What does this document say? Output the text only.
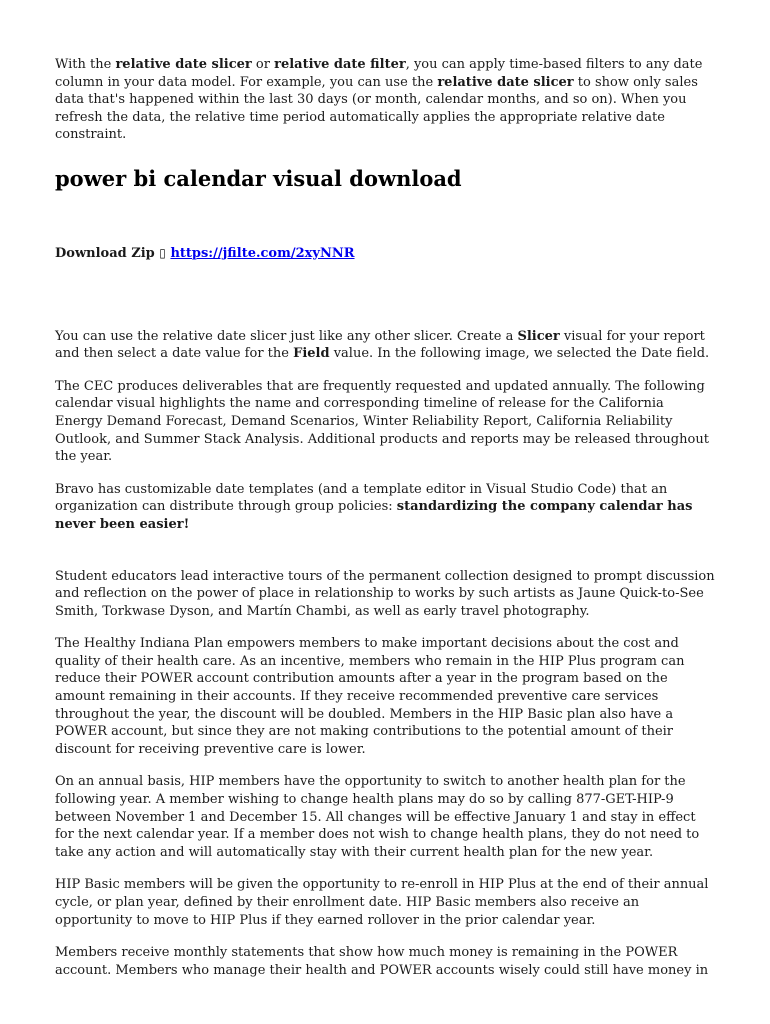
With the relative date slicer or relative date filter, you can apply time-based filters to any date column in your data model. For example, you can use the relative date slicer to show only sales data that's happened within the last 30 days (or month, calendar months, and so on). When you refresh the data, the relative time period automatically applies the appropriate relative date constraint.

power bi calendar visual download
Download Zip ▯ https://jfilte.com/2xyNNR

You can use the relative date slicer just like any other slicer. Create a Slicer visual for your report and then select a date value for the Field value. In the following image, we selected the Date field.

The CEC produces deliverables that are frequently requested and updated annually. The following calendar visual highlights the name and corresponding timeline of release for the California Energy Demand Forecast, Demand Scenarios, Winter Reliability Report, California Reliability Outlook, and Summer Stack Analysis. Additional products and reports may be released throughout the year.

Bravo has customizable date templates (and a template editor in Visual Studio Code) that an organization can distribute through group policies: standardizing the company calendar has never been easier!

Student educators lead interactive tours of the permanent collection designed to prompt discussion and reflection on the power of place in relationship to works by such artists as Jaune Quick-to-See Smith, Torkwase Dyson, and Martín Chambi, as well as early travel photography.

The Healthy Indiana Plan empowers members to make important decisions about the cost and quality of their health care. As an incentive, members who remain in the HIP Plus program can reduce their POWER account contribution amounts after a year in the program based on the amount remaining in their accounts. If they receive recommended preventive care services throughout the year, the discount will be doubled. Members in the HIP Basic plan also have a POWER account, but since they are not making contributions to the potential amount of their discount for receiving preventive care is lower.

On an annual basis, HIP members have the opportunity to switch to another health plan for the following year. A member wishing to change health plans may do so by calling 877-GET-HIP-9 between November 1 and December 15. All changes will be effective January 1 and stay in effect for the next calendar year. If a member does not wish to change health plans, they do not need to take any action and will automatically stay with their current health plan for the new year.

HIP Basic members will be given the opportunity to re-enroll in HIP Plus at the end of their annual cycle, or plan year, defined by their enrollment date. HIP Basic members also receive an opportunity to move to HIP Plus if they earned rollover in the prior calendar year.

Members receive monthly statements that show how much money is remaining in the POWER account. Members who manage their health and POWER accounts wisely could still have money in
